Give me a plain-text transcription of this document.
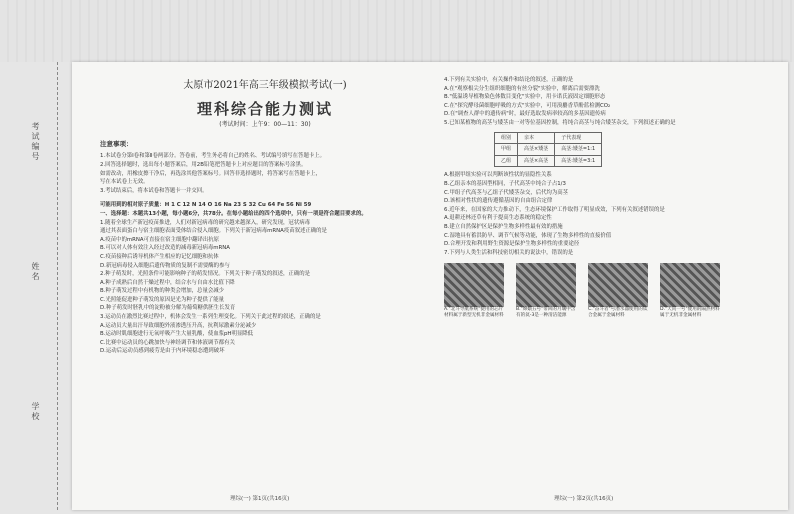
考试编号
姓名
学校
太原市2021年高三年级模拟考试(一)
理科综合能力测试
(考试时间：上午9：00—11：30)
注意事项：
1.本试卷分第Ⅰ卷和第Ⅱ卷两部分。答卷前，考生务必将自己的姓名、考试编号填写在答题卡上。
2.回答选择题时，选出每小题答案后，用2B铅笔把答题卡上对应题目的答案标号涂黑。
如需改动，用橡皮擦干净后，再选涂其他答案标号。回答非选择题时，将答案写在答题卡上，
写在本试卷上无效。
3.考试结束后，将本试卷和答题卡一并交回。
可能用到的相对原子质量：H 1 C 12 N 14 O 16 Na 23 S 32 Cu 64 Fe 56 Ni 59
一、选择题：本题共13小题，每小题6分，共78分。在每小题给出的四个选项中，只有一项是符合题目要求的。
1.随着全球生产新冠疫苗推进，人们对新冠病毒的研究越来越深入，研究发现，冠状病毒
通过其表面蛋白与宿主细胞表面受体结合侵入细胞。下列关于新冠病毒mRNA疫苗叙述正确的是
A.疫苗中的mRNA可直接在宿主细胞中翻译出抗原
B.可以对人体有效注入经过改造的减毒新冠病毒mRNA
C.疫苗接种后诱导机体产生相应的记忆细胞和抗体
D.新冠病毒侵入细胞后遗传物质的复制不需要酶的参与
2.种子萌发时，光照条件可能影响种子的萌发情况。下列关于种子萌发的叙述，正确的是
A.种子成熟后自然干燥过程中，结合水与自由水比值下降
B.种子萌发过程中有机物的种类会增加，总量会减少
C.光照能促进种子萌发的原因是光为种子提供了能量
D.种子萌发时胚乳中的淀粉被分解为葡萄糖供胚生长发育
3.运动员在激烈比赛过程中，机体会发生一系列生理变化。下列关于此过程的叙述，正确的是
A.运动员大量出汗导致细胞外液渗透压升高，抗利尿激素分泌减少
B.运动时肌细胞进行无氧呼吸产生大量乳酸，使血浆pH明显降低
C.比赛中运动员的心跳加快与神经调节和体液调节都有关
D.运动后运动员感到疲劳是由于内环境稳态遭到破坏
理综(一) 第1页(共16页)
4.下列有关实验中，有关操作和结论的叙述，正确的是
A.在"观察根尖分生组织细胞的有丝分裂"实验中，解离后需要漂洗
B."低温诱导植物染色体数目变化"实验中，用卡诺氏液固定细胞形态
C.在"探究酵母菌细胞呼吸的方式"实验中，可用溴麝香草酚蓝检测CO₂
D.在"调查人群中的遗传病"时，最好选取发病率较高的多基因遗传病
5.已知某植物的高茎与矮茎由一对等位基因控制，将纯合高茎与纯合矮茎杂交，下列叙述正确的是
组别	亲本	子代表现
甲组	高茎×矮茎	高茎:矮茎=1:1
乙组	高茎×高茎	高茎:矮茎=3:1
A.根据甲组实验可以判断该性状的显隐性关系
B.乙组亲本的基因型相同，子代高茎中纯合子占1/3
C.甲组子代高茎与乙组子代矮茎杂交，后代均为高茎
D.该相对性状的遗传遵循基因的自由组合定律
6.近年来，在国家的大力推动下，生态环境保护工作取得了明显成效，下列有关叙述错误的是
A.退耕还林还草有利于提高生态系统的稳定性
B.建立自然保护区是保护生物多样性最有效的措施
C.湿地具有蓄洪防旱、调节气候等功能，体现了生物多样性的直接价值
D.合理开发和利用野生资源是保护生物多样性的重要途径
7.下列与人类生活和科技密切相关的说法中，错误的是
A."北斗导航系统"使用的芯片材料属于新型无机非金属材料
B."嫦娥五号"带回的月壤中含有的氦-3是一种清洁能源
C."奋斗者"号潜水器使用的钛合金属于金属材料
D."天问一号"使用的隔热材料属于无机非金属材料
理综(一) 第2页(共16页)
